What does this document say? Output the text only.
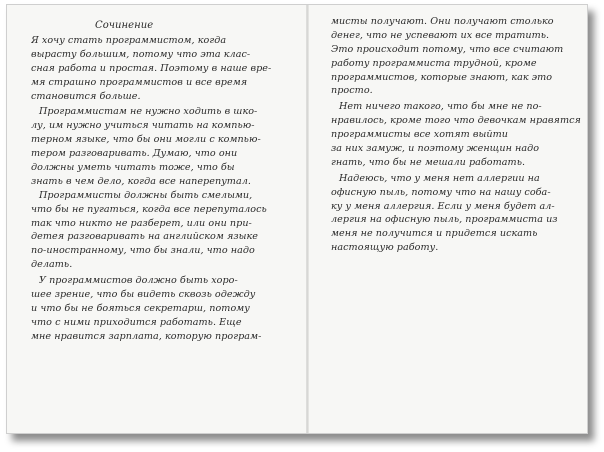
Сочинение
Я хочу стать программистом, когда
вырасту большим, потому что эта клас-
сная работа и простая. Поэтому в наше вре-
мя страшно программистов и все время
становится больше.
Программистам не нужно ходить в шко-
лу, им нужно учиться читать на компью-
терном языке, что бы они могли с компью-
тером разговаривать. Думаю, что они
должны уметь читать тоже, что бы
знать в чем дело, когда все наперепутал.
Программисты должны быть смелыми,
что бы не пугаться, когда все перепуталось
так что никто не разберет, или они при-
детея разговаривать на английском языке
по-иностранному, что бы знали, что надо
делать.
У программистов должно быть хоро-
шее зрение, что бы видеть сквозь одежду
и что бы не бояться секретарш, потому
что с ними приходится работать. Еще
мне нравится зарплата, которую програм-
мисты получают. Они получают столько
денег, что не успевают их все тратить.
Это происходит потому, что все считают
работу программиста трудной, кроме
программистов, которые знают, как это
просто.
Нет ничего такого, что бы мне не по-
нравилось, кроме того что девочкам нравятся
программисты все хотят выйти
за них замуж, и поэтому женщин надо
гнать, что бы не мешали работать.
Надеюсь, что у меня нет аллергии на
офисную пыль, потому что на нашу соба-
ку у меня аллергия. Если у меня будет ал-
лергия на офисную пыль, программиста из
меня не получится и придется искать
настоящую работу.
